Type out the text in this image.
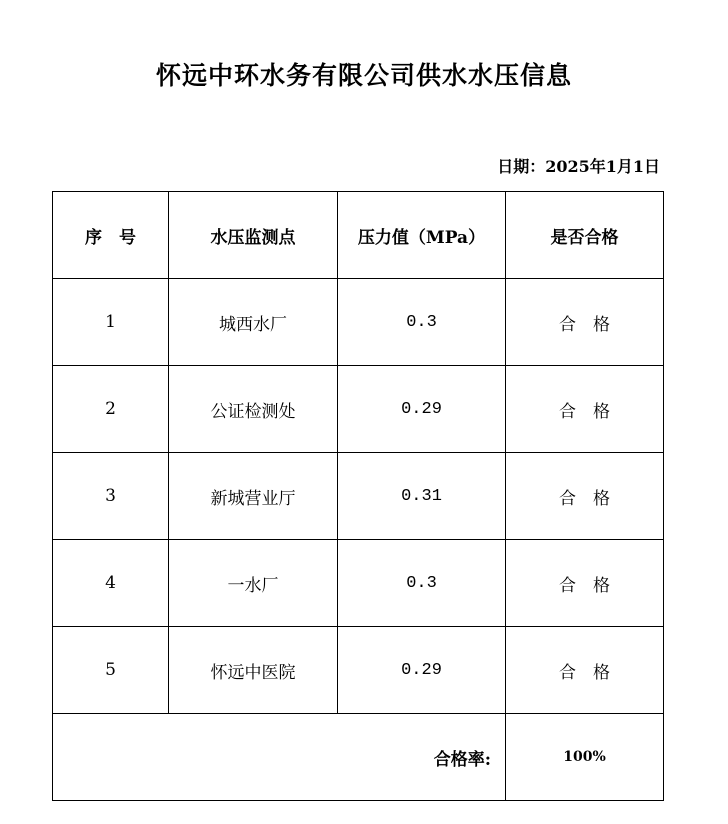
怀远中环水务有限公司供水水压信息
日期：2025年1月1日
序　号	水压监测点	压力值（MPa）	是否合格
1	城西水厂	0.3	合　格
2	公证检测处	0.29	合　格
3	新城营业厅	0.31	合　格
4	一水厂	0.3	合　格
5	怀远中医院	0.29	合　格
合格率:			100%
